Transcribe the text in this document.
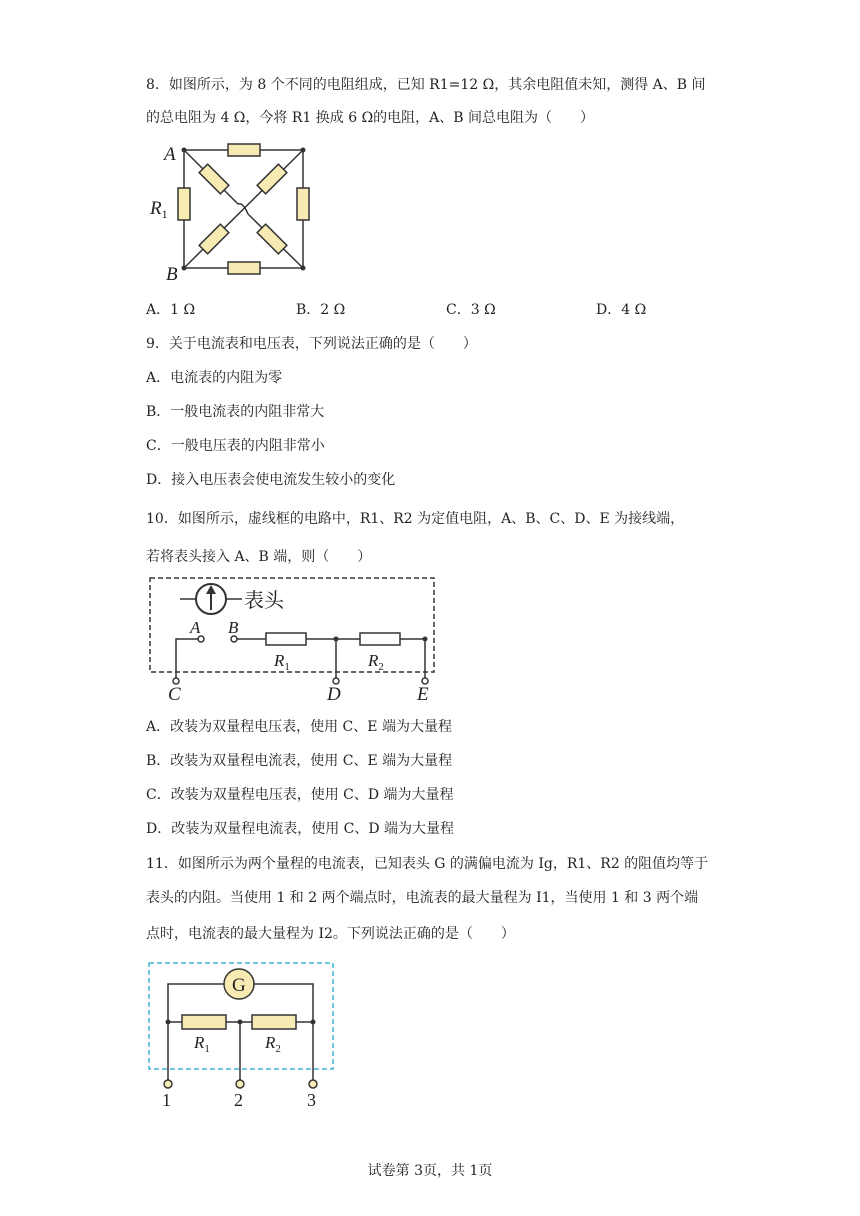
8．如图所示，为 8 个不同的电阻组成，已知 R1=12 Ω，其余电阻值未知，测得 A、B 间
的总电阻为 4 Ω，今将 R1 换成 6 Ω的电阻，A、B 间总电阻为（　　）
A
B
$R_1$
A．1 Ω	B．2 Ω	C．3 Ω	D．4 Ω
9．关于电流表和电压表，下列说法正确的是（　　）
A．电流表的内阻为零
B．一般电流表的内阻非常大
C．一般电压表的内阻非常小
D．接入电压表会使电流发生较小的变化
10．如图所示，虚线框的电路中，R1、R2 为定值电阻，A、B、C、D、E 为接线端，
若将表头接入 A、B 端，则（　　）
表头
A B
$R_1$	$R_2$
C	D	E
A．改装为双量程电压表，使用 C、E 端为大量程
B．改装为双量程电流表，使用 C、E 端为大量程
C．改装为双量程电压表，使用 C、D 端为大量程
D．改装为双量程电流表，使用 C、D 端为大量程
11．如图所示为两个量程的电流表，已知表头 G 的满偏电流为 Ig，R1、R2 的阻值均等于
表头的内阻。当使用 1 和 2 两个端点时，电流表的最大量程为 I1，当使用 1 和 3 两个端
点时，电流表的最大量程为 I2。下列说法正确的是（　　）
G
$R_1$	$R_2$
1	2	3
试卷第 3页，共 1页
